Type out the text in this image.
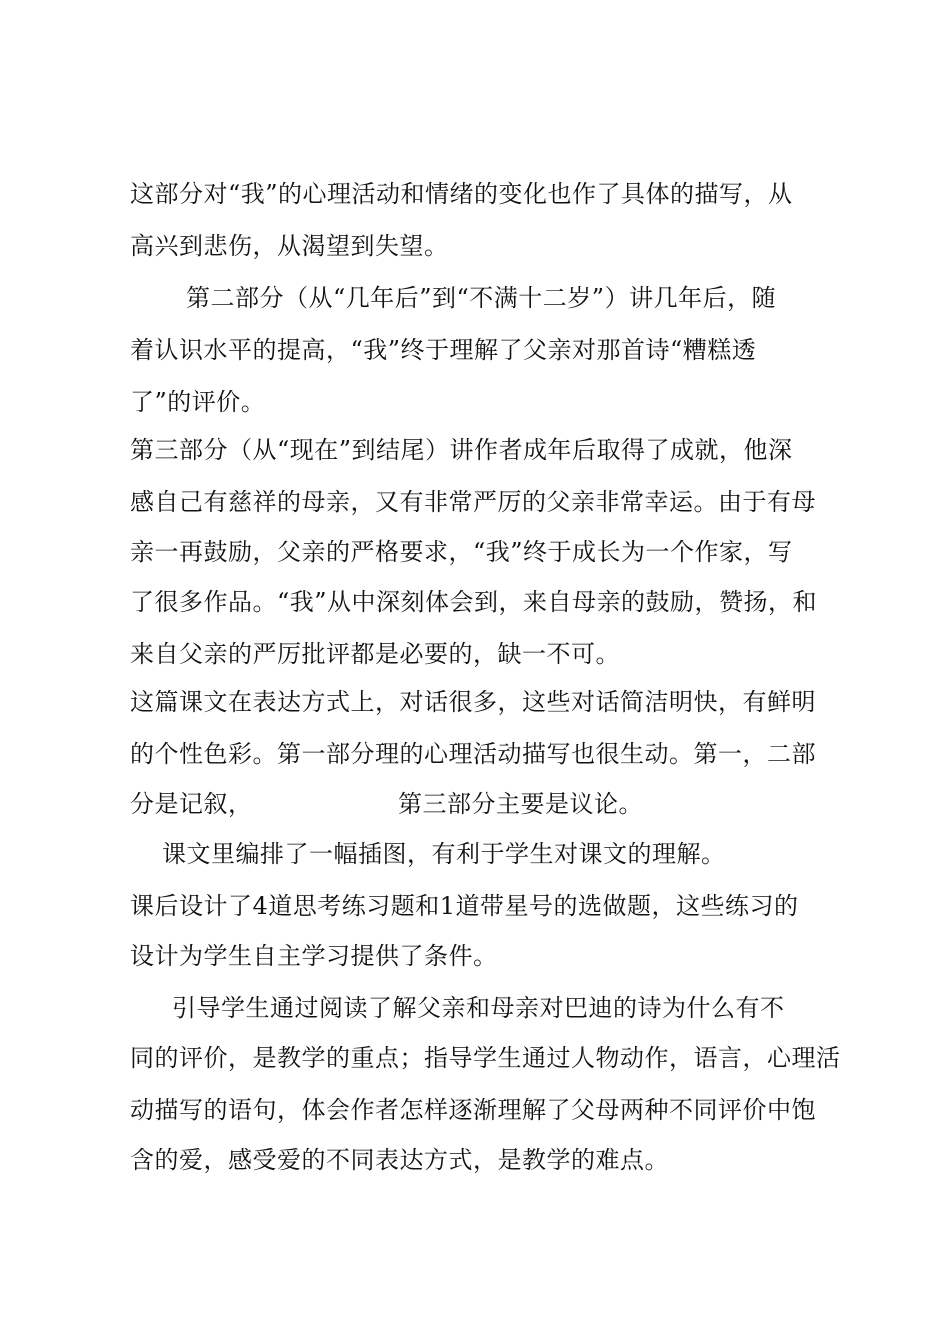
这部分对“我”的心理活动和情绪的变化也作了具体的描写，从
高兴到悲伤，从渴望到失望。
第二部分（从“几年后”到“不满十二岁”）讲几年后，随
着认识水平的提高，“我”终于理解了父亲对那首诗“糟糕透
了”的评价。
第三部分（从“现在”到结尾）讲作者成年后取得了成就，他深
感自己有慈祥的母亲，又有非常严厉的父亲非常幸运。由于有母
亲一再鼓励，父亲的严格要求，“我”终于成长为一个作家，写
了很多作品。“我”从中深刻体会到，来自母亲的鼓励，赞扬，和
来自父亲的严厉批评都是必要的，缺一不可。
这篇课文在表达方式上，对话很多，这些对话简洁明快，有鲜明
的个性色彩。第一部分理的心理活动描写也很生动。第一，二部
分是记叙，	第三部分主要是议论。
课文里编排了一幅插图，有利于学生对课文的理解。
课后设计了4道思考练习题和1道带星号的选做题，这些练习的
设计为学生自主学习提供了条件。
引导学生通过阅读了解父亲和母亲对巴迪的诗为什么有不
同的评价，是教学的重点；指导学生通过人物动作，语言，心理活
动描写的语句，体会作者怎样逐渐理解了父母两种不同评价中饱
含的爱，感受爱的不同表达方式，是教学的难点。
